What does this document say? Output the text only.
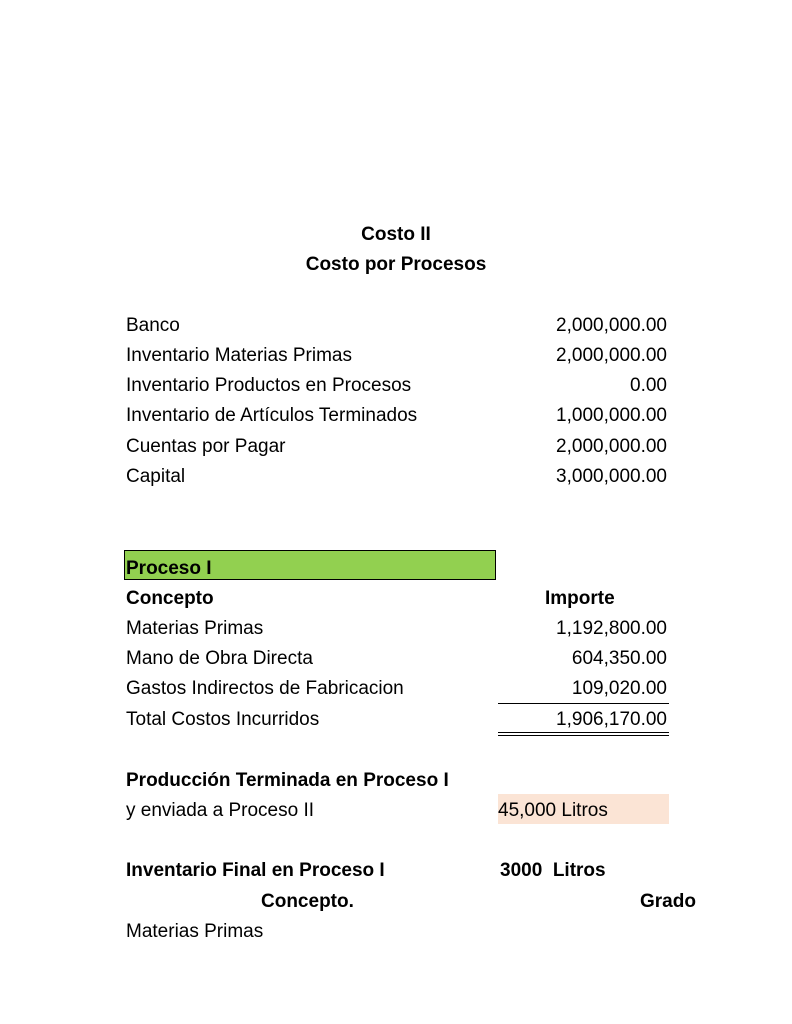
Costo II
Costo por Procesos
Banco	2,000,000.00
Inventario Materias Primas	2,000,000.00
Inventario Productos en Procesos	0.00
Inventario de Artículos Terminados	1,000,000.00
Cuentas por Pagar	2,000,000.00
Capital	3,000,000.00
Proceso I
Concepto	Importe
Materias Primas	1,192,800.00
Mano de Obra Directa	604,350.00
Gastos Indirectos de Fabricacion	109,020.00
Total Costos Incurridos	1,906,170.00
Producción Terminada en Proceso I
y enviada a Proceso II	45,000 Litros
Inventario Final en Proceso I	3000  Litros
Concepto.	Grado
Materias Primas
